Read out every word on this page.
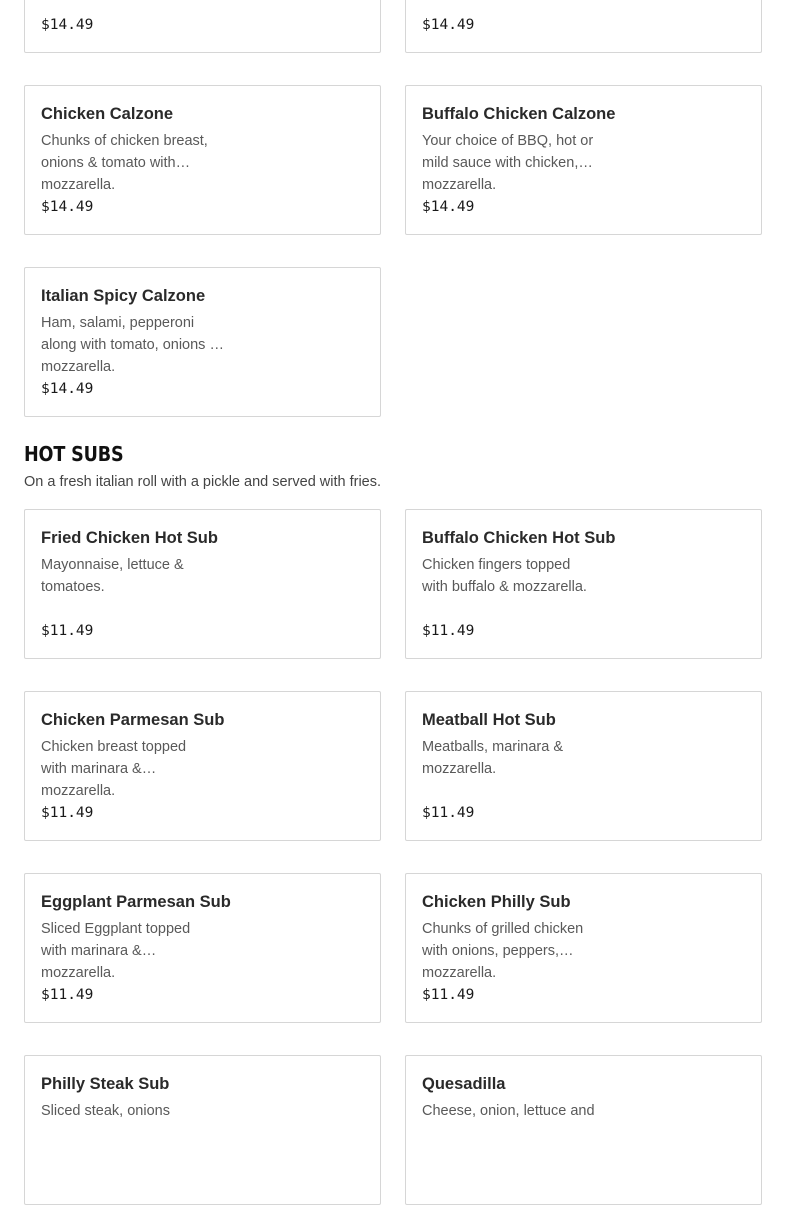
$14.49	$14.49
Chicken Calzone
Chunks of chicken breast, onions & tomato with mozzarella.
$14.49
Buffalo Chicken Calzone
Your choice of BBQ, hot or mild sauce with chicken, mozzarella.
$14.49
Italian Spicy Calzone
Ham, salami, pepperoni along with tomato, onions & mozzarella.
$14.49
HOT SUBS
On a fresh italian roll with a pickle and served with fries.
Fried Chicken Hot Sub
Mayonnaise, lettuce & tomatoes.
$11.49
Buffalo Chicken Hot Sub
Chicken fingers topped with buffalo & mozzarella.
$11.49
Chicken Parmesan Sub
Chicken breast topped with marinara & mozzarella.
$11.49
Meatball Hot Sub
Meatballs, marinara & mozzarella.
$11.49
Eggplant Parmesan Sub
Sliced Eggplant topped with marinara & mozzarella.
$11.49
Chicken Philly Sub
Chunks of grilled chicken with onions, peppers, mozzarella.
$11.49
Philly Steak Sub
Sliced steak, onions
Quesadilla
Cheese, onion, lettuce and
